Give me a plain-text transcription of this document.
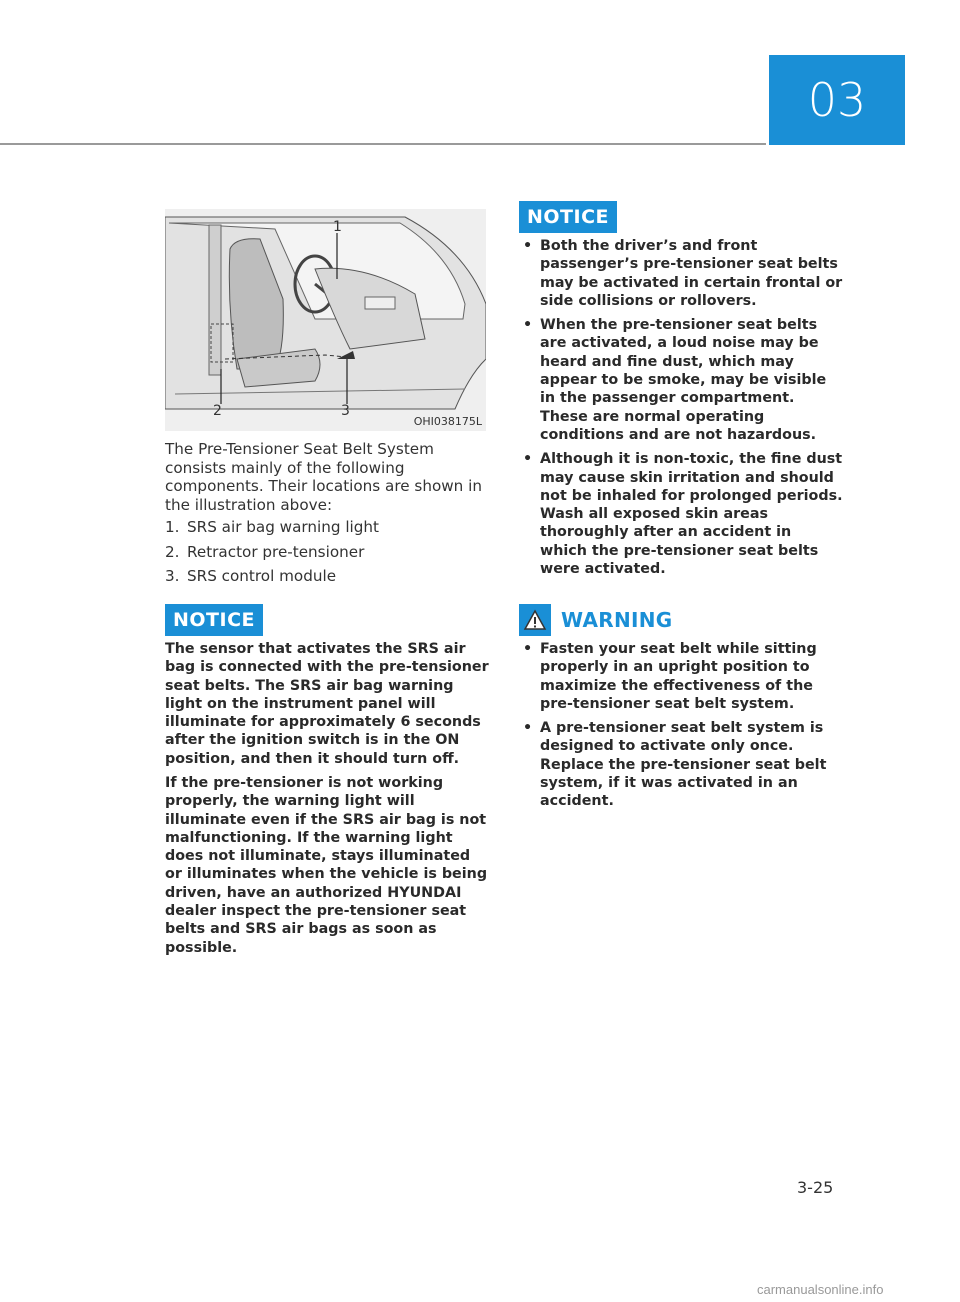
03
1
2	3
OHI038175L
The Pre-Tensioner Seat Belt System consists mainly of the following components. Their locations are shown in the illustration above:
1. SRS air bag warning light
2. Retractor pre-tensioner
3. SRS control module
NOTICE

The sensor that activates the SRS air bag is connected with the pre-tensioner seat belts. The SRS air bag warning light on the instrument panel will illuminate for approximately 6 seconds after the ignition switch is in the ON position, and then it should turn off.

If the pre-tensioner is not working properly, the warning light will illuminate even if the SRS air bag is not malfunctioning. If the warning light does not illuminate, stays illuminated or illuminates when the vehicle is being driven, have an authorized HYUNDAI dealer inspect the pre-tensioner seat belts and SRS air bags as soon as possible.

NOTICE
• Both the driver’s and front passenger’s pre-tensioner seat belts may be activated in certain frontal or side collisions or rollovers.
• When the pre-tensioner seat belts are activated, a loud noise may be heard and fine dust, which may appear to be smoke, may be visible in the passenger compartment. These are normal operating conditions and are not hazardous.
• Although it is non-toxic, the fine dust may cause skin irritation and should not be inhaled for prolonged periods. Wash all exposed skin areas thoroughly after an accident in which the pre-tensioner seat belts were activated.
WARNING
• Fasten your seat belt while sitting properly in an upright position to maximize the effectiveness of the pre-tensioner seat belt system.
• A pre-tensioner seat belt system is designed to activate only once. Replace the pre-tensioner seat belt system, if it was activated in an accident.
3-25
carmanualsonline.info
